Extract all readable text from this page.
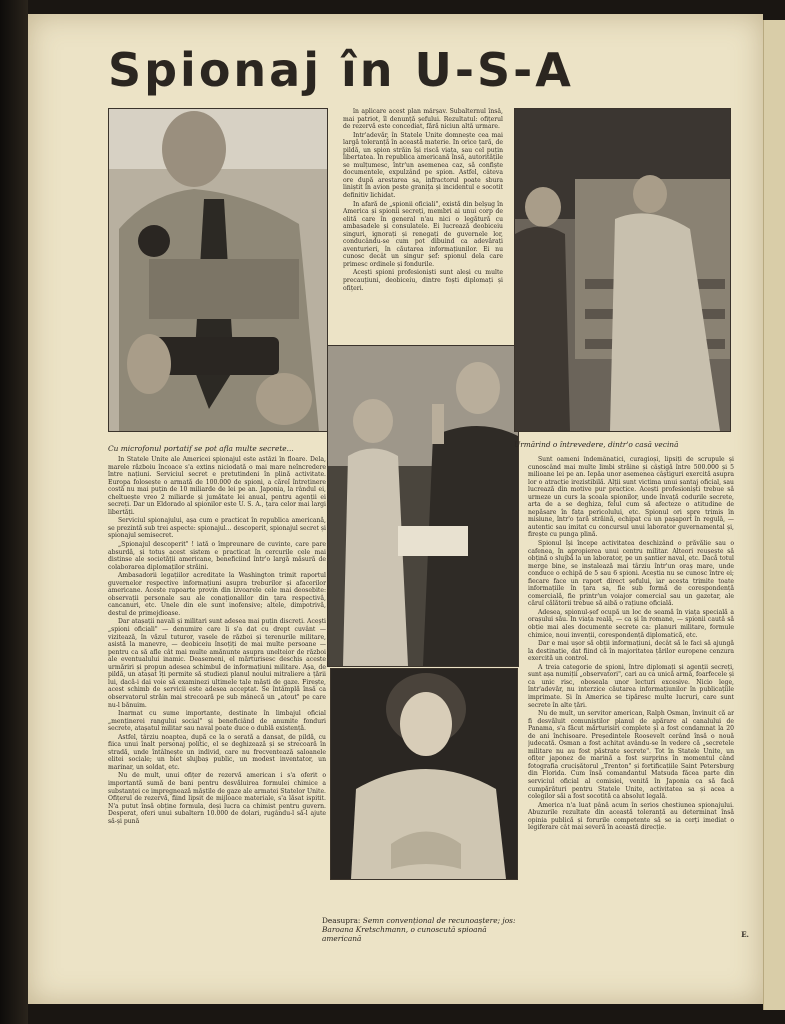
Spionaj în U-S-A
Cu microfonul portatif se pot afla multe secrete...	Urmărind o întrevedere, dintr'o casă vecină
Deasupra: Semn convențional de recunoaștere; jos: Baroana Kretschmann, o cunoscută spioană americană

In Statele Unite ale Americei spionajul este astăzi în floare. Dela, marele războiu încoace s'a extins niciodată o mai mare neîncredere între națiuni. Serviciul secret e pretutindeni în plină activitate. Europa folosește o armată de 100.000 de spioni, a căreî întreținere costă nu mai puțin de 10 miliarde de lei pe an. Japonia, la rândul ei, cheltuește vreo 2 miliarde și jumătate lei anual, pentru agenții ei secreți. Dar un Eldorado al spionilor este U. S. A., țara celor mai largi libertăți.

Serviciul spionajului, așa cum e practicat în republica americană, se prezintă sub trei aspecte: spionajul... descoperit, spionajul secret și spionajul semisecret.

„Spionajul descoperit" ! iată o împreunare de cuvinte, care pare absurdă, și totuș acest sistem e practicat în cercurile cele mai distinse ale societății americane, beneficiind într'o largă măsură de colaborarea diplomaților străini.

Ambasadorii legațiilor acreditate la Washington trimit raportul guvernelor respective informațiuni asupra treburilor și afacerilor americane. Aceste rapoarte provin din izvoarele cele mai deosebite: observații personale sau ale conaționalilor din țara respectivă, cancanuri, etc. Unele din ele sunt inofensive; altele, dimpotrivă, destul de primejdioase.

Dar atașații navali și militari sunt adesea mai puțin discreți. Acești „spioni oficiali" — denumire care li s'a dat cu drept cuvânt — vizitează, în văzul tuturor, vasele de război și terenurile militare, asistă la manevre, — deobiceiu însoțiți de mai multe persoane — pentru ca să afle cât mai multe amănunte asupra unelteior de război ale eventualului inamic. Deasemeni, el mărturisesc deschis aceste urmăriri și propun adesea schimbul de informațiuni militare. Așa, de pildă, un atașat îți permite să studiezi planul noului mitraliere a țării lui, dacă-i dai voie să examinezi ultimele tale măști de gaze. Firește, acest schimb de servicii este adesea acceptat. Se întâmplă însă ca observatorul străin mai strecoară pe sub mânecă un „atout" pe care nu-l bănuim.

Inarmat cu sume importante, destinate în limbajul oficial „menținerei rangului social" și beneficiând de anumite fonduri secrete, atașatul militar sau naval poate duce o dublă existență.

Astfel, târziu noaptea, după ce la o serată a dansat, de pildă, cu fiica unui înalt personaj politic, el se deghizează și se strecoară în stradă, unde întâlnește un individ, care nu frecventează saloanele elitei sociale; un biet slujbaș public, un modest inventator, un marinar, un soldat, etc.

Nu de mult, unui ofițer de rezervă american i s'a oferit o importantă sumă de bani pentru desvăluirea formulei chimice a substanței ce impregnează măștile de gaze ale armatei Statelor Unite. Ofițerul de rezervă, fiind lipsit de mijloace materiale, s'a lăsat ispitit. N'a putut însă obține formula, deși lucra ca chimist pentru guvern. Desperat, oferi unui subaltern 10.000 de dolari, rugându-l să-l ajute să-și pună

în aplicare acest plan mârșav. Subalternul însă, mai patriot, îl denunță șefului. Rezultatul: ofițerul de rezervă este concediat, fără niciun altă urmare.

Intr'adevăr, în Statele Unite domnește cea mai largă toleranță în această materie. In orice țară, de pildă, un spion străin își riscă viața, sau cel puțin libertatea. In republica americană însă, autoritățile se mulțumesc, într'un asemenea caz, să confiște documentele, expulzând pe spion. Astfel, câteva ore după arestarea sa, infractorul poate sbura liniștit în avion peste granița și incidentul e socotit definitiv lichidat.

In afară de „spionii oficiali", există din belșug în America și spionii secreți, membri ai unui corp de elită care în general n'au nici o legătură cu ambasadele și consulatele. Ei lucrează deobiceiu singuri, ignorați și renegați de guvernele lor, conducându-se cum pot dibuind ca adevărați aventurieri, în căutarea informațiunilor. Ei nu cunosc decât un singur șef: spionul dela care primesc ordinele și fondurile.

Acești spioni profesioniști sunt aleși cu multe precauțiuni, deobiceiu, dintre foști diplomați și ofițeri.

Sunt oameni îndemânatici, curagioși, lipsiți de scrupule și cunoscând mai multe limbi străine și câștigă între 500.000 și 5 milioane lei pe an. Iepăa unor asemenea câștiguri exercită asupra lor o atracție irezistibilă. Alții sunt victima unui șantaj oficial, sau lucrează din motive pur practice. Acești profesioniști trebue să urmeze un curs la școala spionilor, unde învață codurile secrete, arta de a se deghiza, felul cum să afecteze o atitudine de nepăsare în fața pericolului, etc. Spionul ori spre trimis în misiune, într'o țară străină, echipat cu un pașaport în regulă, — autentic sau imitat cu concursul unui laborator guvernamental și, firește cu punga plină.

Spionul își începe activitatea deschizând o prăvălie sau o cafenea, în apropierea unui centru militar. Alteori reușește să obțină o slujbă la un laborator, pe un șantier naval, etc. Dacă totul merge bine, se instalează mai târziu într'un oraș mare, unde conduce o echipă de 5 sau 6 spioni. Aceștia nu se cunosc între ei; fiecare face un raport direct șefului, iar acesta trimite toate informațiile în țara sa, fie sub formă de corespondență comercială, fie printr'un voiajor comercial sau un gazetar, ale căruî călătorii trebue să aibă o rațiune oficială.

Adesea, spionul-șef ocupă un loc de seamă în viața specială a orașului său. In viața reală, — ca și în romane, — spionii caută să obție mai ales documente secrete ca: planuri militare, formule chimice, noui invenții, corespondență diplomatică, etc.

Dar e mai ușor să obții informațiuni, decât să le faci să ajungă la destinație, dat fiind că în majoritatea țărilor europene cenzura exercită un control.

A treia categorie de spioni, între diplomați și agenții secreți, sunt așa numiții „observatori", cari au ca unică armă, foarfecele și ca unic risc, oboseala unor lecturi excesive. Nicio lege, într'adevăr, nu interzice căutarea informațiunilor în publicațiile imprimate. Și în America se tipăresc multe lucruri, care sunt secrete în alte țări.

Nu de mult, un servitor american, Ralph Osman, învinuit că ar fi desvăluit comuniștilor planul de apărare al canalului de Panama, s'a făcut mărturisiri complete și a fost condamnat la 20 de ani închisoare. Președintele Roosevelt cerând însă o nouă judecată. Osman a fost achitat avându-se în vedere că „secretele militare nu au fost păstrate secrete". Tot în Statele Unite, un ofițer japonez de marină a fost surprins în momentul când fotografia crucișătorul „Trenton" și fortificațiile Saint Petersburg din Florida. Cum însă comandantul Matsuda făcea parte din serviciul oficial al comisiei, venită în Japonia ca să facă cumpărături pentru Statele Unite, activitatea sa și acea a colegilor săi a fost socotită ca absolut legală.

America n'a luat până acum în serios chestiunea spionajului. Abuzurile rezultate din această toleranță au determinat însă opinia publică și forurile competente să se ia cerți imediat o legiferare cât mai severă în această direcție.

E.
